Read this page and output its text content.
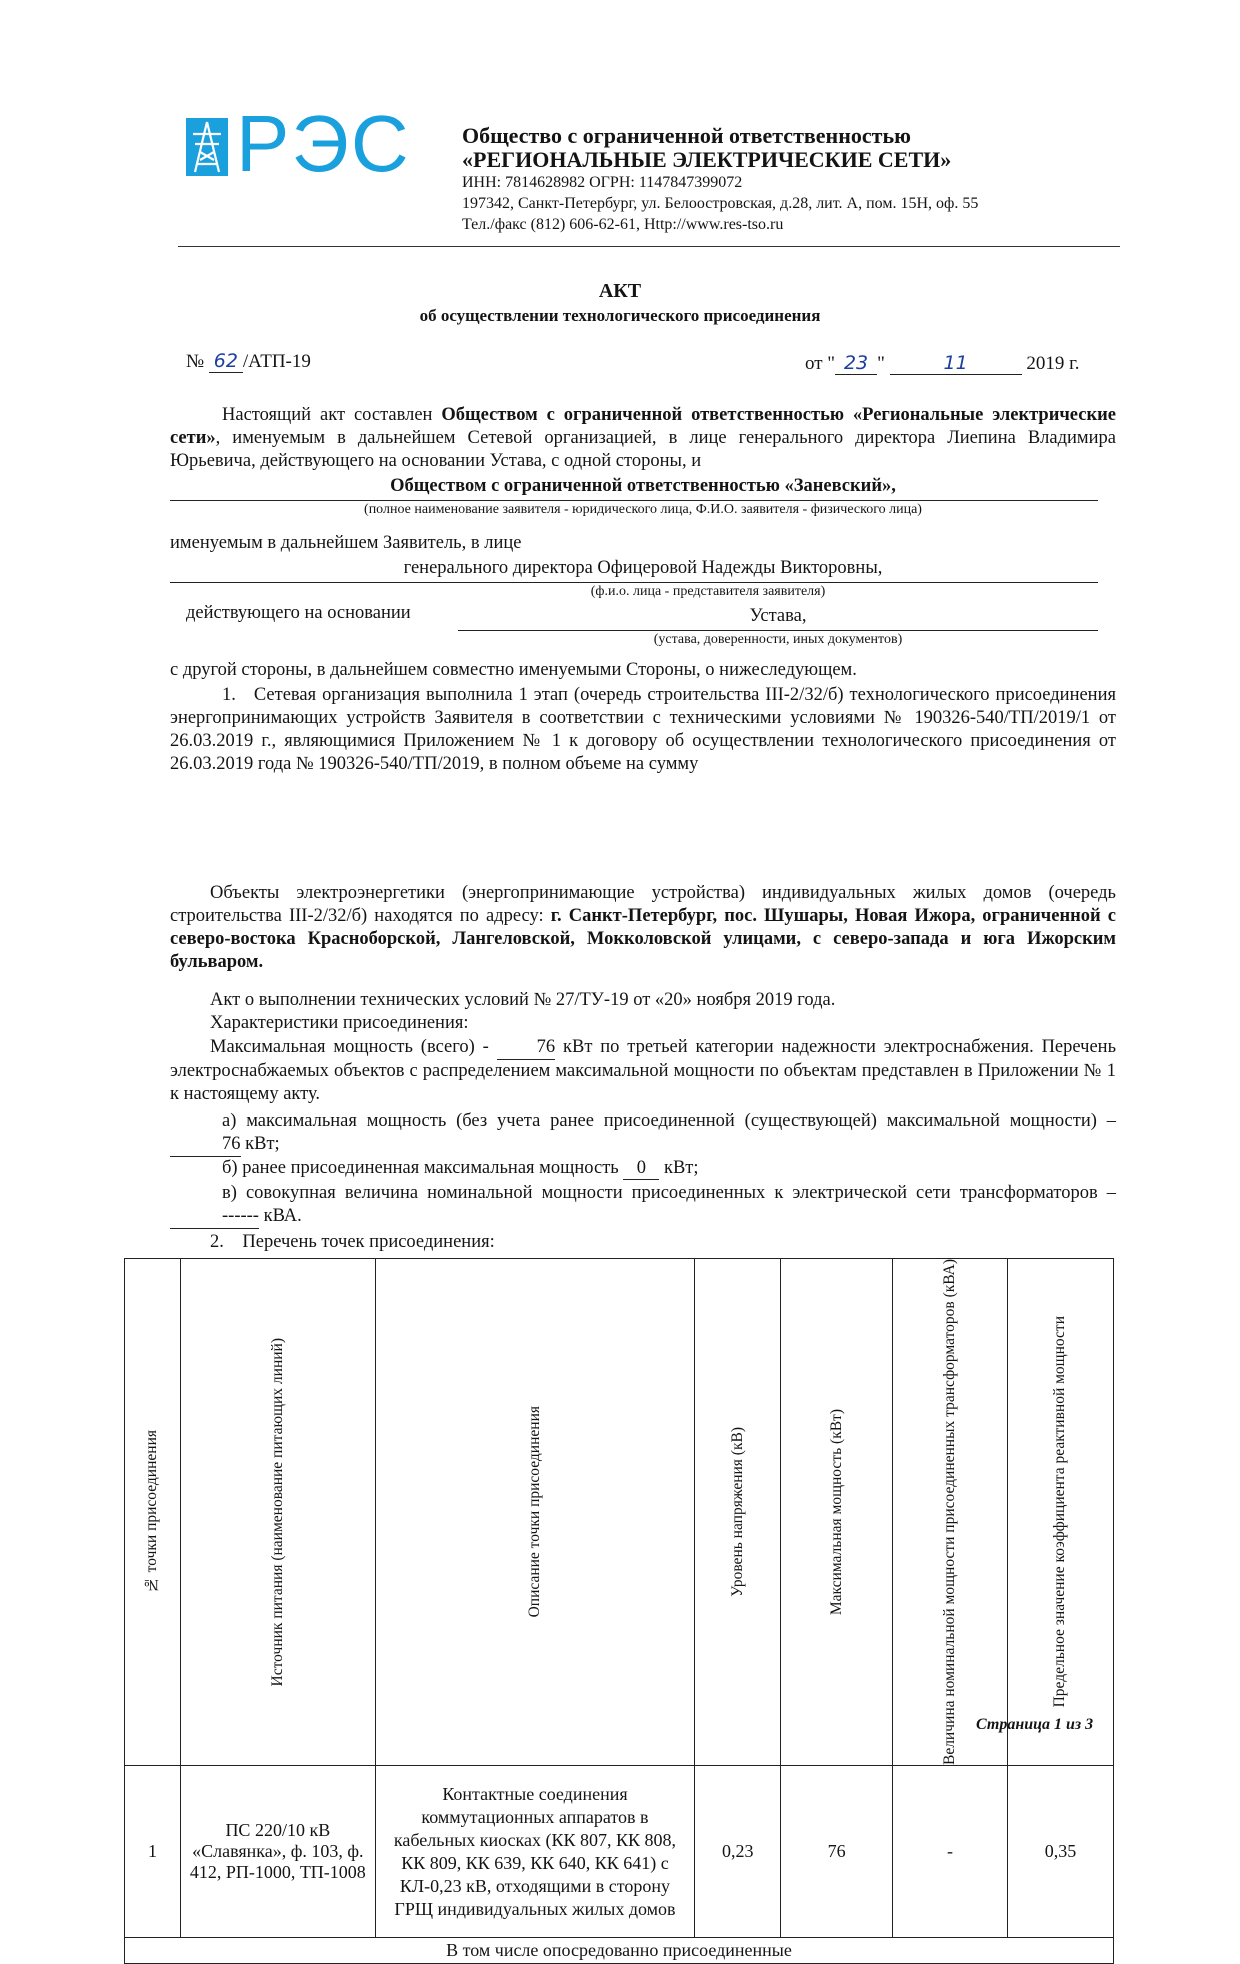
РЭС Общество с ограниченной ответственностью
«РЕГИОНАЛЬНЫЕ ЭЛЕКТРИЧЕСКИЕ СЕТИ»
ИНН: 7814628982 ОГРН: 1147847399072
197342, Санкт-Петербург, ул. Белоостровская, д.28, лит. А, пом. 15Н, оф. 55
Тел./факс (812) 606-62-61, Http://www.res-tso.ru
АКТ
об осуществлении технологического присоединения
№ 62 /АТП-19	от " 23 "	11	2019 г.
Настоящий акт составлен Обществом с ограниченной ответственностью «Региональные электрические сети», именуемым в дальнейшем Сетевой организацией, в лице генерального директора Лиепина Владимира Юрьевича, действующего на основании Устава, с одной стороны, и
Обществом с ограниченной ответственностью «Заневский»,
(полное наименование заявителя - юридического лица, Ф.И.О. заявителя - физического лица)
именуемым в дальнейшем Заявитель, в лице
генерального директора Офицеровой Надежды Викторовны,
(ф.и.о. лица - представителя заявителя)
действующего на основании	Устава,
(устава, доверенности, иных документов)
с другой стороны, в дальнейшем совместно именуемыми Стороны, о нижеследующем.
1.   Сетевая организация выполнила 1 этап (очередь строительства III-2/32/б) технологического присоединения энергопринимающих устройств Заявителя в соответствии с техническими условиями № 190326-540/ТП/2019/1 от 26.03.2019 г., являющимися Приложением № 1 к договору об осуществлении технологического присоединения от 26.03.2019 года № 190326-540/ТП/2019, в полном объеме на сумму
Объекты электроэнергетики (энергопринимающие устройства) индивидуальных жилых домов (очередь строительства III-2/32/б) находятся по адресу: г. Санкт-Петербург, пос. Шушары, Новая Ижора, ограниченной с северо-востока Красноборской, Лангеловской, Мокколовской улицами, с северо-запада и юга Ижорским бульваром.
Акт о выполнении технических условий № 27/ТУ-19 от «20» ноября 2019 года.
Характеристики присоединения:
Максимальная мощность (всего) - 76 кВт по третьей категории надежности электроснабжения. Перечень электроснабжаемых объектов с распределением максимальной мощности по объектам представлен в Приложении № 1 к настоящему акту.
а) максимальная мощность (без учета ранее присоединенной (существующей) максимальной мощности) – 76 кВт;
б) ранее присоединенная максимальная мощность 0 кВт;
в) совокупная величина номинальной мощности присоединенных к электрической сети трансформаторов – ------ кВА.
2.    Перечень точек присоединения:
№ точки присоединения	Источник питания (наименование питающих линий)	Описание точки присоединения	Уровень напряжения (кВ)	Максимальная мощность (кВт)	Величина номинальной мощности присоединенных трансформаторов (кВА)	Предельное значение коэффициента реактивной мощности

1	ПС 220/10 кВ «Славянка», ф. 103, ф. 412, РП-1000, ТП-1008	Контактные соединения коммутационных аппаратов в кабельных киосках (КК 807, КК 808, КК 809, КК 639, КК 640, КК 641) с КЛ-0,23 кВ, отходящими в сторону ГРЩ индивидуальных жилых домов	0,23	76	-	0,35
В том числе опосредованно присоединенные						
Страница 1 из 3
